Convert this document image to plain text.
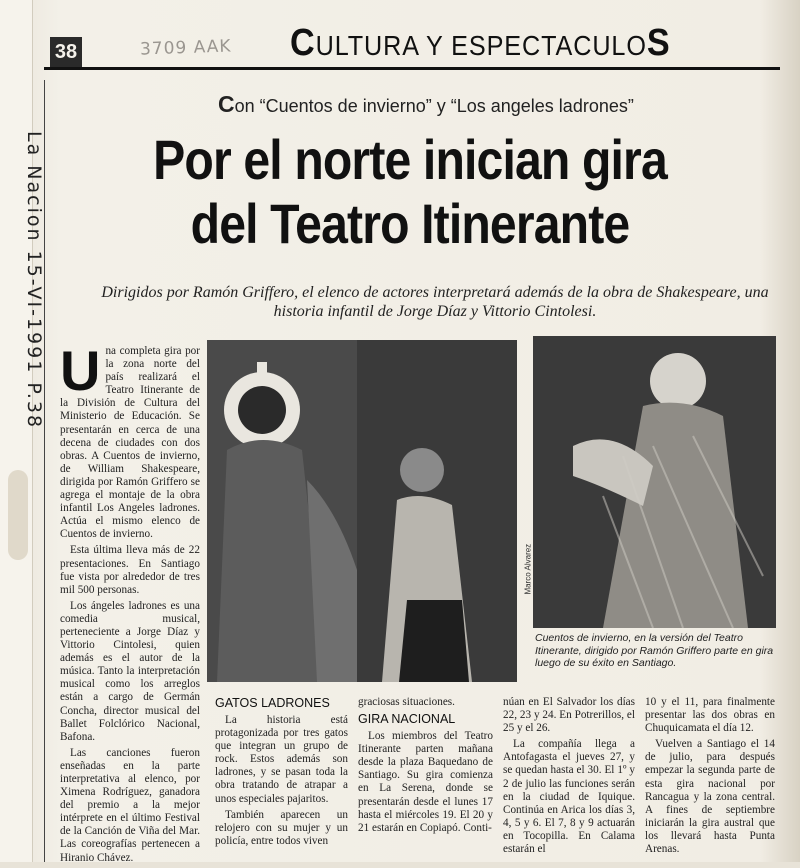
38	3709 AAK CULTURA Y ESPECTACULOS
La Nacion 15-VI-1991 P.38
Con “Cuentos de invierno” y “Los angeles ladrones”
Por el norte inician gira
del Teatro Itinerante
Dirigidos por Ramón Griffero, el elenco de actores interpretará además de la obra de Shakespeare, una historia infantil de Jorge Díaz y Vittorio Cintolesi.

Una completa gira por la zona norte del país realizará el Teatro Itinerante de la División de Cultura del Ministerio de Educación. Se presentarán en cerca de una decena de ciudades con dos obras. A Cuentos de invierno, de William Shakespeare, dirigida por Ramón Griffero se agrega el montaje de la obra infantil Los Angeles ladrones. Actúa el mismo elenco de Cuentos de invierno.

Esta última lleva más de 22 presentaciones. En Santiago fue vista por alrededor de tres mil 500 personas.

Los ángeles ladrones es una comedia musical, perteneciente a Jorge Díaz y Vittorio Cintolesi, quien además es el autor de la música. Tanto la interpretación musical como los arreglos están a cargo de Germán Concha, director musical del Ballet Folclórico Nacional, Bafona.

Las canciones fueron enseñadas en la parte interpretativa al elenco, por Ximena Rodríguez, ganadora del premio a la mejor intérprete en el último Festival de la Canción de Viña del Mar. Las coreografías pertenecen a Hiranio Chávez.

Marco Alvarez
Cuentos de invierno, en la versión del Teatro Itinerante, dirigido por Ramón Griffero parte en gira luego de su éxito en Santiago.
GATOS LADRONES

La historia está protagonizada por tres gatos que integran un grupo de rock. Estos además son ladrones, y se pasan toda la obra tratando de atrapar a unos especiales pajaritos.

También aparecen un relojero con su mujer y un policía, entre todos viven

graciosas situaciones.

GIRA NACIONAL

Los miembros del Teatro Itinerante parten mañana desde la plaza Baquedano de Santiago. Su gira comienza en La Serena, donde se presentarán desde el lunes 17 hasta el miércoles 19. El 20 y 21 estarán en Copiapó. Conti-

núan en El Salvador los días 22, 23 y 24. En Potrerillos, el 25 y el 26.

La compañía llega a Antofagasta el jueves 27, y se quedan hasta el 30. El 1º y 2 de julio las funciones serán en la ciudad de Iquique. Continúa en Arica los días 3, 4, 5 y 6. El 7, 8 y 9 actuarán en Tocopilla. En Calama estarán el

10 y el 11, para finalmente presentar las dos obras en Chuquicamata el día 12.

Vuelven a Santiago el 14 de julio, para después empezar la segunda parte de esta gira nacional por Rancagua y la zona central. A fines de septiembre iniciarán la gira austral que los llevará hasta Punta Arenas.
